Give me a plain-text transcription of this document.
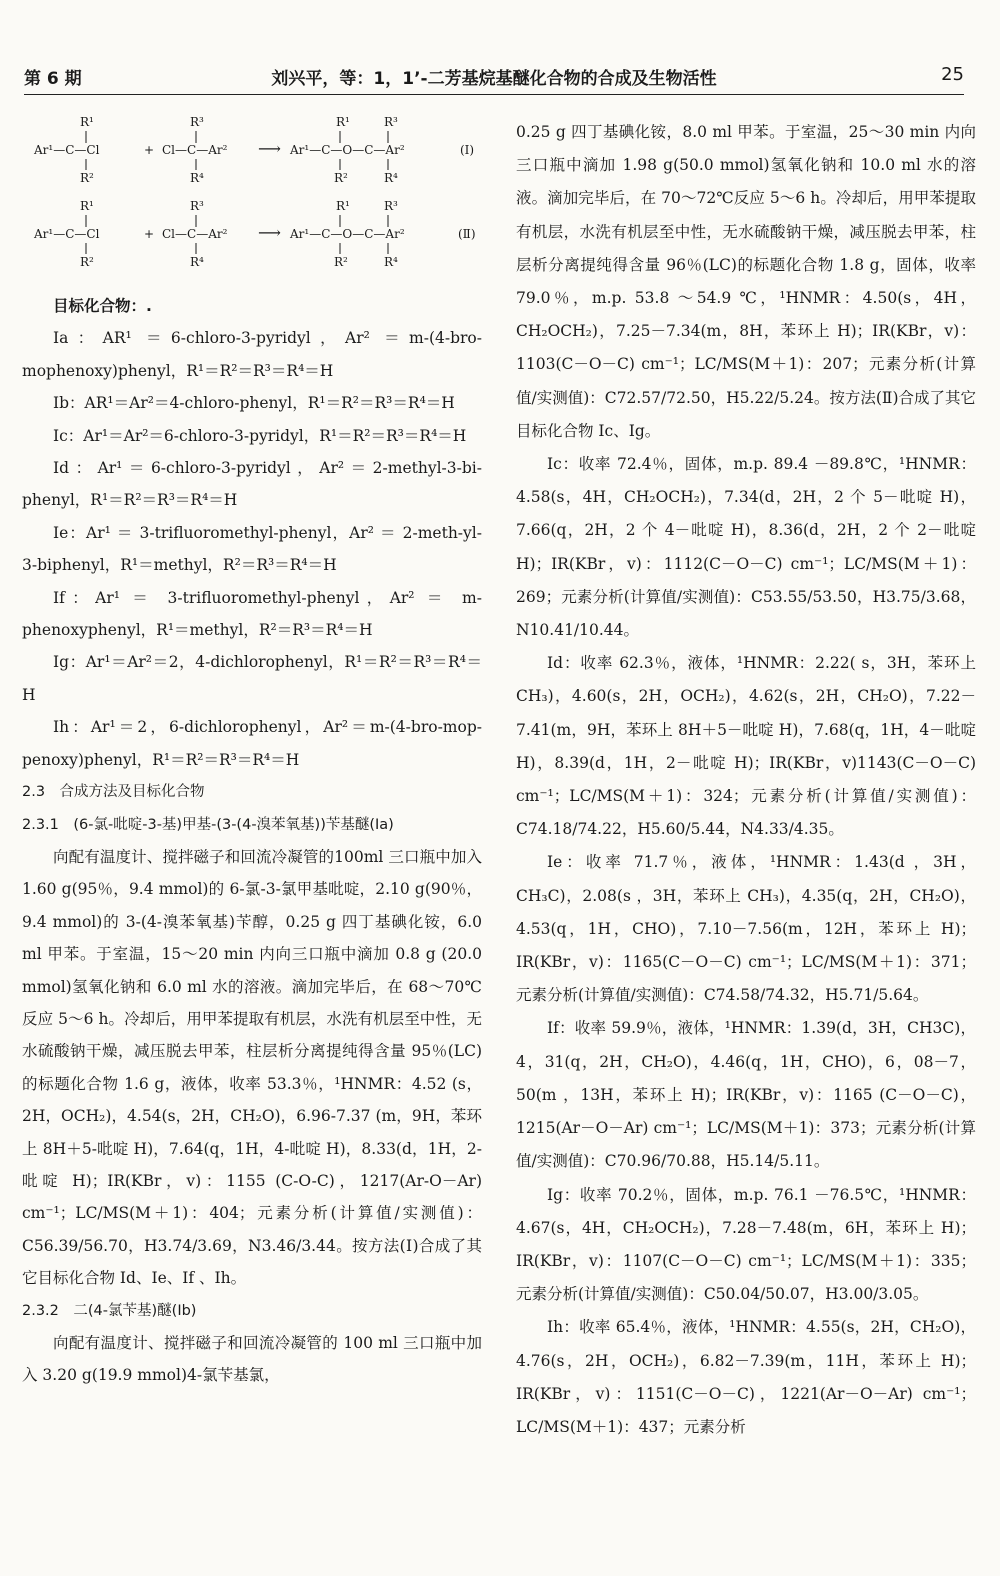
第 6 期	刘兴平，等：1，1’-二芳基烷基醚化合物的合成及生物活性	25
R¹	R³	R¹	R³
Ar¹—C—Cl	+ Cl—C—Ar² ⟶ Ar¹—C—O—C—Ar²	(Ⅰ)
R²	R⁴	R²	R⁴
R¹	R³	R¹	R³
Ar¹—C—Cl	+ Cl—C—Ar² ⟶ Ar¹—C—O—C—Ar²	(Ⅱ)
R²	R⁴	R²	R⁴

目标化合物：.

Ia：AR¹ ＝6-chloro-3-pyridyl，Ar² ＝m-(4-bro-mophenoxy)phenyl，R¹＝R²＝R³＝R⁴＝H

Ib：AR¹＝Ar²＝4-chloro-phenyl，R¹＝R²＝R³＝R⁴＝H

Ic：Ar¹＝Ar²＝6-chloro-3-pyridyl，R¹＝R²＝R³＝R⁴＝H

Id：Ar¹＝6-chloro-3-pyridyl，Ar²＝2-methyl-3-bi-phenyl，R¹＝R²＝R³＝R⁴＝H

Ie：Ar¹ ＝ 3-trifluoromethyl-phenyl，Ar² ＝ 2-meth-yl-3-biphenyl，R¹＝methyl，R²＝R³＝R⁴＝H

If：Ar¹ ＝ 3-trifluoromethyl-phenyl，Ar² ＝ m-phenoxyphenyl，R¹＝methyl，R²＝R³＝R⁴＝H

Ig：Ar¹＝Ar²＝2，4-dichlorophenyl，R¹＝R²＝R³＝R⁴＝H

Ih：Ar¹＝2，6-dichlorophenyl，Ar²＝m-(4-bro-mop-penoxy)phenyl，R¹＝R²＝R³＝R⁴＝H

2.3　合成方法及目标化合物

2.3.1　(6-氯-吡啶-3-基)甲基-(3-(4-溴苯氧基))苄基醚(Ia)

向配有温度计、搅拌磁子和回流冷凝管的100ml 三口瓶中加入 1.60 g(95％，9.4 mmol)的 6-氯-3-氯甲基吡啶，2.10 g(90％，9.4 mmol)的 3-(4-溴苯氧基)苄醇，0.25 g 四丁基碘化铵，6.0 ml 甲苯。于室温，15～20 min 内向三口瓶中滴加 0.8 g (20.0 mmol)氢氧化钠和 6.0 ml 水的溶液。滴加完毕后，在 68～70℃反应 5～6 h。冷却后，用甲苯提取有机层，水洗有机层至中性，无水硫酸钠干燥，减压脱去甲苯，柱层析分离提纯得含量 95％(LC)的标题化合物 1.6 g，液体，收率 53.3％，¹HNMR：4.52 (s，2H，OCH₂)，4.54(s，2H，CH₂O)，6.96-7.37 (m，9H，苯环上 8H＋5-吡啶 H)，7.64(q，1H，4-吡啶 H)，8.33(d，1H，2-吡啶 H)；IR(KBr，v)：1155 (C-O-C)，1217(Ar-O－Ar) cm⁻¹；LC/MS(M＋1)：404；元素分析(计算值/实测值)：C56.39/56.70，H3.74/3.69，N3.46/3.44。按方法(Ⅰ)合成了其它目标化合物 Id、Ie、If 、Ih。

2.3.2　二(4-氯苄基)醚(Ib)

向配有温度计、搅拌磁子和回流冷凝管的 100 ml 三口瓶中加入 3.20 g(19.9 mmol)4-氯苄基氯，

0.25 g 四丁基碘化铵，8.0 ml 甲苯。于室温，25～30 min 内向三口瓶中滴加 1.98 g(50.0 mmol)氢氧化钠和 10.0 ml 水的溶液。滴加完毕后，在 70～72℃反应 5～6 h。冷却后，用甲苯提取有机层，水洗有机层至中性，无水硫酸钠干燥，减压脱去甲苯，柱层析分离提纯得含量 96％(LC)的标题化合物 1.8 g，固体，收率 79.0％，m.p. 53.8 ～54.9 ℃，¹HNMR：4.50(s，4H，CH₂OCH₂)，7.25－7.34(m，8H，苯环上 H)；IR(KBr，v)：1103(C－O－C) cm⁻¹；LC/MS(M＋1)：207；元素分析(计算值/实测值)：C72.57/72.50，H5.22/5.24。按方法(Ⅱ)合成了其它目标化合物 Ic、Ig。

Ic：收率 72.4％，固体，m.p. 89.4 －89.8℃，¹HNMR：4.58(s，4H，CH₂OCH₂)，7.34(d，2H，2 个 5－吡啶 H)，7.66(q，2H，2 个 4－吡啶 H)，8.36(d，2H，2 个 2－吡啶 H)；IR(KBr，v)：1112(C－O－C) cm⁻¹；LC/MS(M＋1)：269；元素分析(计算值/实测值)：C53.55/53.50，H3.75/3.68，N10.41/10.44。

Id：收率 62.3％，液体，¹HNMR：2.22( s，3H，苯环上 CH₃)，4.60(s，2H，OCH₂)，4.62(s，2H，CH₂O)，7.22－7.41(m，9H，苯环上 8H＋5－吡啶 H)，7.68(q，1H，4－吡啶 H)，8.39(d，1H，2－吡啶 H)；IR(KBr，v)1143(C－O－C) cm⁻¹；LC/MS(M＋1)：324；元素分析(计算值/实测值)：C74.18/74.22，H5.60/5.44，N4.33/4.35。

Ie：收率 71.7％，液体，¹HNMR：1.43(d ，3H，CH₃C)，2.08(s ，3H，苯环上 CH₃)，4.35(q，2H，CH₂O)，4.53(q，1H，CHO)，7.10－7.56(m，12H，苯环上 H)；IR(KBr，v)：1165(C－O－C) cm⁻¹；LC/MS(M＋1)：371；元素分析(计算值/实测值)：C74.58/74.32，H5.71/5.64。

If：收率 59.9％，液体，¹HNMR：1.39(d，3H，CH3C)，4，31(q，2H，CH₂O)，4.46(q，1H，CHO)，6，08－7，50(m ，13H，苯环上 H)；IR(KBr，v)：1165 (C－O－C)，1215(Ar－O－Ar) cm⁻¹；LC/MS(M＋1)：373；元素分析(计算值/实测值)：C70.96/70.88，H5.14/5.11。

Ig：收率 70.2％，固体，m.p. 76.1 －76.5℃，¹HNMR：4.67(s，4H，CH₂OCH₂)，7.28－7.48(m，6H，苯环上 H)；IR(KBr，v)：1107(C－O－C) cm⁻¹；LC/MS(M＋1)：335；元素分析(计算值/实测值)：C50.04/50.07，H3.00/3.05。

Ih：收率 65.4％，液体，¹HNMR：4.55(s，2H，CH₂O)，4.76(s，2H，OCH₂)，6.82－7.39(m，11H，苯环上 H)；IR(KBr，v)：1151(C－O－C)，1221(Ar－O－Ar) cm⁻¹；LC/MS(M＋1)：437；元素分析
